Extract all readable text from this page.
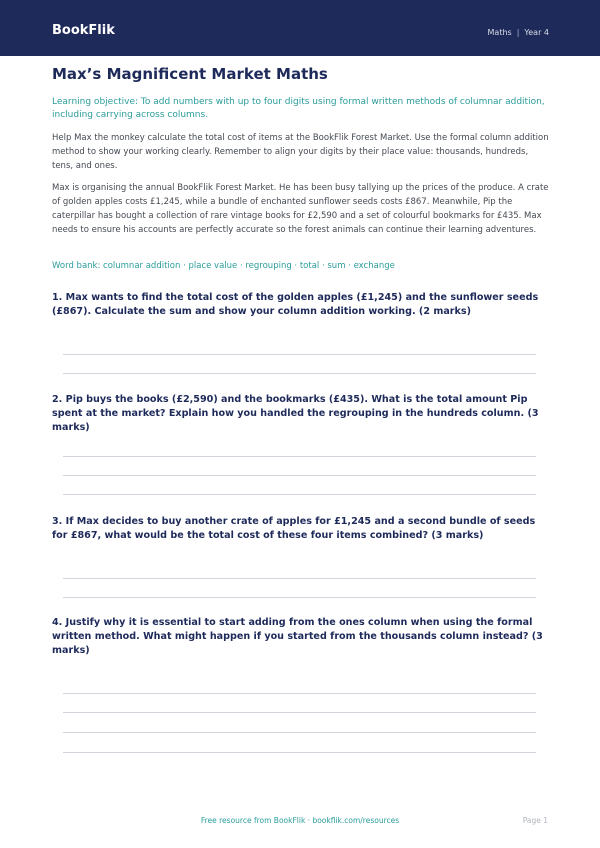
BookFlik	Maths | Year 4
Max’s Magnificent Market Maths
Learning objective: To add numbers with up to four digits using formal written methods of columnar addition, including carrying across columns.
Help Max the monkey calculate the total cost of items at the BookFlik Forest Market. Use the formal column addition method to show your working clearly. Remember to align your digits by their place value: thousands, hundreds, tens, and ones.
Max is organising the annual BookFlik Forest Market. He has been busy tallying up the prices of the produce. A crate of golden apples costs £1,245, while a bundle of enchanted sunflower seeds costs £867. Meanwhile, Pip the caterpillar has bought a collection of rare vintage books for £2,590 and a set of colourful bookmarks for £435. Max needs to ensure his accounts are perfectly accurate so the forest animals can continue their learning adventures.
Word bank: columnar addition · place value · regrouping · total · sum · exchange
1. Max wants to find the total cost of the golden apples (£1,245) and the sunflower seeds (£867). Calculate the sum and show your column addition working. (2 marks)
2. Pip buys the books (£2,590) and the bookmarks (£435). What is the total amount Pip spent at the market? Explain how you handled the regrouping in the hundreds column. (3 marks)
3. If Max decides to buy another crate of apples for £1,245 and a second bundle of seeds for £867, what would be the total cost of these four items combined? (3 marks)
4. Justify why it is essential to start adding from the ones column when using the formal written method. What might happen if you started from the thousands column instead? (3 marks)
Free resource from BookFlik · bookflik.com/resources	Page 1
